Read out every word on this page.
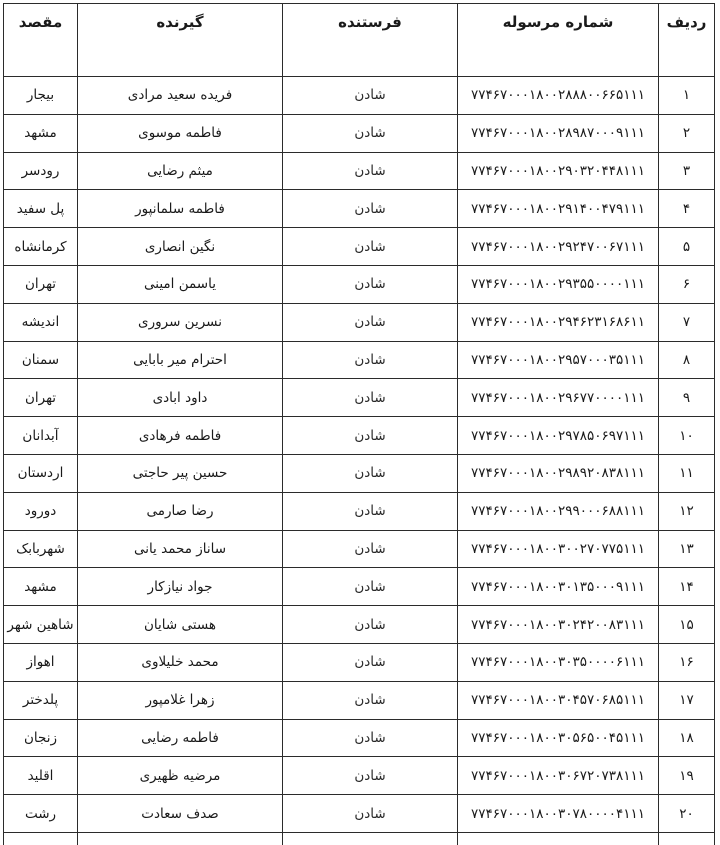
ردیف	شماره مرسوله	فرستنده	گیرنده	مقصد
۱	۷۷۴۶۷۰۰۰۱۸۰۰۲۸۸۸۰۰۶۶۵۱۱۱	شادن	فریده سعید مرادی	بیجار
۲	۷۷۴۶۷۰۰۰۱۸۰۰۲۸۹۸۷۰۰۰۹۱۱۱	شادن	فاطمه موسوی	مشهد
۳	۷۷۴۶۷۰۰۰۱۸۰۰۲۹۰۳۲۰۴۴۸۱۱۱	شادن	میثم رضایی	رودسر
۴	۷۷۴۶۷۰۰۰۱۸۰۰۲۹۱۴۰۰۴۷۹۱۱۱	شادن	فاطمه سلمانپور	پل سفید
۵	۷۷۴۶۷۰۰۰۱۸۰۰۲۹۲۴۷۰۰۶۷۱۱۱	شادن	نگین انصاری	کرمانشاه
۶	۷۷۴۶۷۰۰۰۱۸۰۰۲۹۳۵۵۰۰۰۰۱۱۱	شادن	یاسمن امینی	تهران
۷	۷۷۴۶۷۰۰۰۱۸۰۰۲۹۴۶۲۳۱۶۸۶۱۱	شادن	نسرین سروری	اندیشه
۸	۷۷۴۶۷۰۰۰۱۸۰۰۲۹۵۷۰۰۰۳۵۱۱۱	شادن	احترام میر بابایی	سمنان
۹	۷۷۴۶۷۰۰۰۱۸۰۰۲۹۶۷۷۰۰۰۰۱۱۱	شادن	داود ابادی	تهران
۱۰	۷۷۴۶۷۰۰۰۱۸۰۰۲۹۷۸۵۰۶۹۷۱۱۱	شادن	فاطمه فرهادی	آبدانان
۱۱	۷۷۴۶۷۰۰۰۱۸۰۰۲۹۸۹۲۰۸۳۸۱۱۱	شادن	حسین پیر حاجتی	اردستان
۱۲	۷۷۴۶۷۰۰۰۱۸۰۰۲۹۹۰۰۰۶۸۸۱۱۱	شادن	رضا صارمی	دورود
۱۳	۷۷۴۶۷۰۰۰۱۸۰۰۳۰۰۲۷۰۷۷۵۱۱۱	شادن	ساناز محمد یانی	شهربابک
۱۴	۷۷۴۶۷۰۰۰۱۸۰۰۳۰۱۳۵۰۰۰۹۱۱۱	شادن	جواد نیازکار	مشهد
۱۵	۷۷۴۶۷۰۰۰۱۸۰۰۳۰۲۴۲۰۰۸۳۱۱۱	شادن	هستی شایان	شاهین شهر
۱۶	۷۷۴۶۷۰۰۰۱۸۰۰۳۰۳۵۰۰۰۰۶۱۱۱	شادن	محمد خلیلاوی	اهواز
۱۷	۷۷۴۶۷۰۰۰۱۸۰۰۳۰۴۵۷۰۶۸۵۱۱۱	شادن	زهرا غلامپور	پلدختر
۱۸	۷۷۴۶۷۰۰۰۱۸۰۰۳۰۵۶۵۰۰۴۵۱۱۱	شادن	فاطمه رضایی	زنجان
۱۹	۷۷۴۶۷۰۰۰۱۸۰۰۳۰۶۷۲۰۷۳۸۱۱۱	شادن	مرضیه ظهیری	اقلید
۲۰	۷۷۴۶۷۰۰۰۱۸۰۰۳۰۷۸۰۰۰۰۴۱۱۱	شادن	صدف سعادت	رشت
